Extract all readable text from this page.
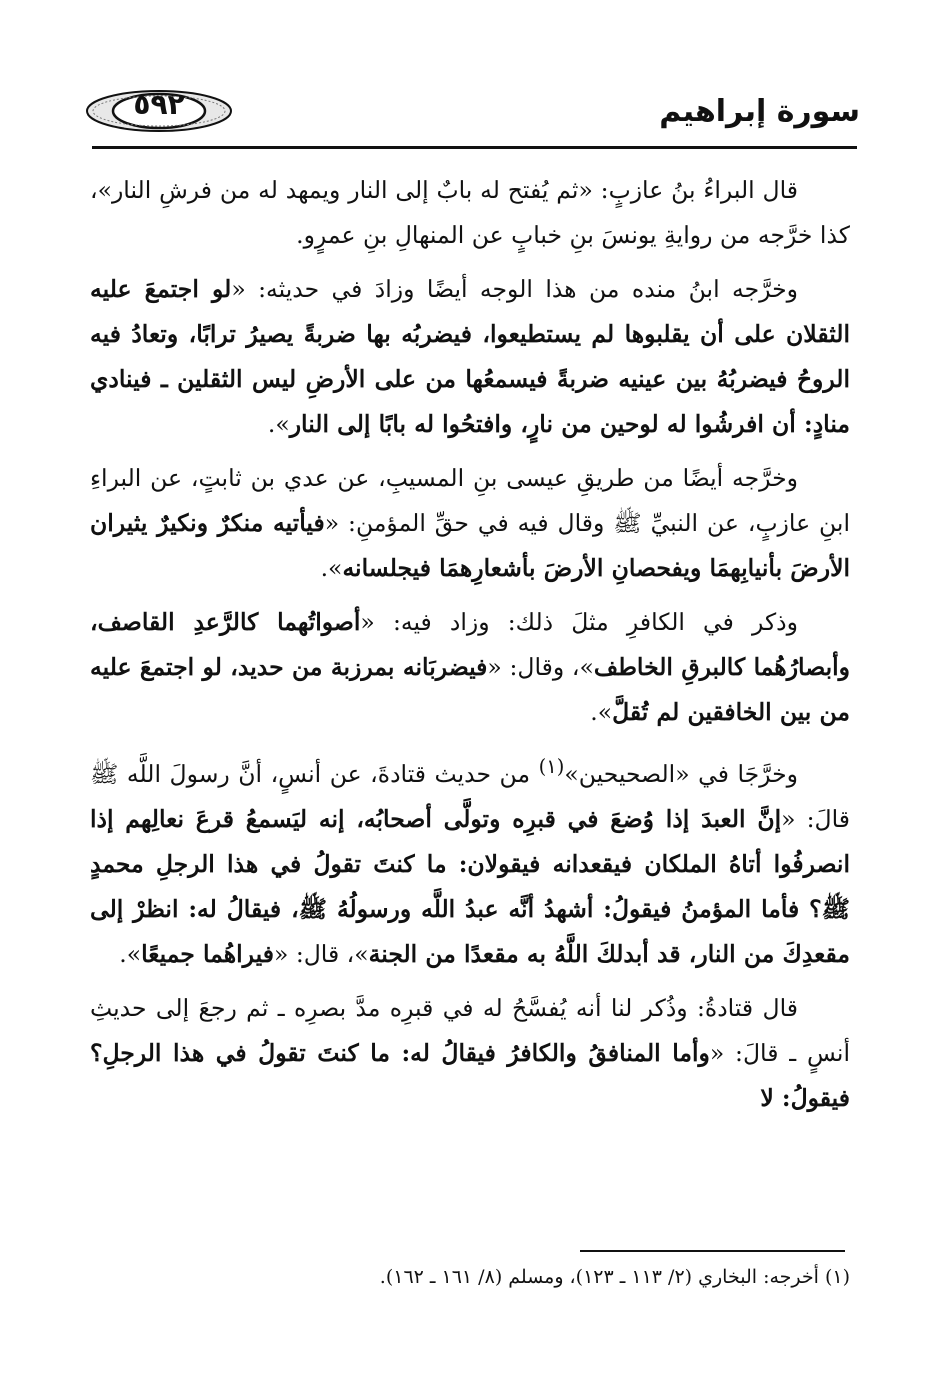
سورة إبراهيم
٥٩٢

قال البراءُ بنُ عازبٍ: «ثم يُفتح له بابٌ إلى النار ويمهد له من فرشِ النار»، كذا خرَّجه من روايةِ يونسَ بنِ خبابٍ عن المنهالِ بنِ عمرٍو.

وخرَّجه ابنُ منده من هذا الوجه أيضًا وزادَ في حديثه: «لو اجتمعَ عليه الثقلان على أن يقلبوها لم يستطيعوا، فيضربُه بها ضربةً يصيرُ ترابًا، وتعادُ فيه الروحُ فيضربُهُ بين عينيه ضربةً فيسمعُها من على الأرضِ ليس الثقلين ـ فينادي منادٍ: أن افرشُوا له لوحين من نارٍ، وافتحُوا له بابًا إلى النار».

وخرَّجه أيضًا من طريقِ عيسى بنِ المسيبِ، عن عدي بن ثابتٍ، عن البراءِ ابنِ عازبٍ، عن النبيِّ ﷺ وقال فيه في حقِّ المؤمنِ: «فيأتيه منكرٌ ونكيرٌ يثيران الأرضَ بأنيابِهمَا ويفحصانِ الأرضَ بأشعارِهمَا فيجلسانه».

وذكر في الكافرِ مثلَ ذلك: وزاد فيه: «أصواتُهما كالرَّعدِ القاصف، وأبصارُهُما كالبرقِ الخاطف»، وقال: «فيضربَانه بمرزبة من حديد، لو اجتمعَ عليه من بين الخافقين لم تُقلَّ».

وخرَّجَا في «الصحيحين»$^{(١)}$ من حديث قتادةَ، عن أنسٍ، أنَّ رسولَ اللَّه ﷺ قالَ: «إنَّ العبدَ إذا وُضعَ في قبرِه وتولَّى أصحابُه، إنه ليَسمعُ قرعَ نعالِهم إذا انصرفُوا أتاهُ الملكان فيقعدانه فيقولان: ما كنتَ تقولُ في هذا الرجلِ محمدٍ ﷺ؟ فأما المؤمنُ فيقولُ: أشهدُ أنَّه عبدُ اللَّه ورسولُهُ ﷺ، فيقالُ له: انظرْ إلى مقعدِكَ من النار، قد أبدلكَ اللَّهُ به مقعدًا من الجنة»، قال: «فيراهُما جميعًا».

قال قتادةُ: وذُكر لنا أنه يُفسَّحُ له في قبرِه مدَّ بصرِه ـ ثم رجعَ إلى حديثِ أنسٍ ـ قالَ: «وأما المنافقُ والكافرُ فيقالُ له: ما كنتَ تقولُ في هذا الرجلِ؟ فيقولُ: لا

(١) أخرجه: البخاري (٢/ ١١٣ ـ ١٢٣)، ومسلم (٨/ ١٦١ ـ ١٦٢).
